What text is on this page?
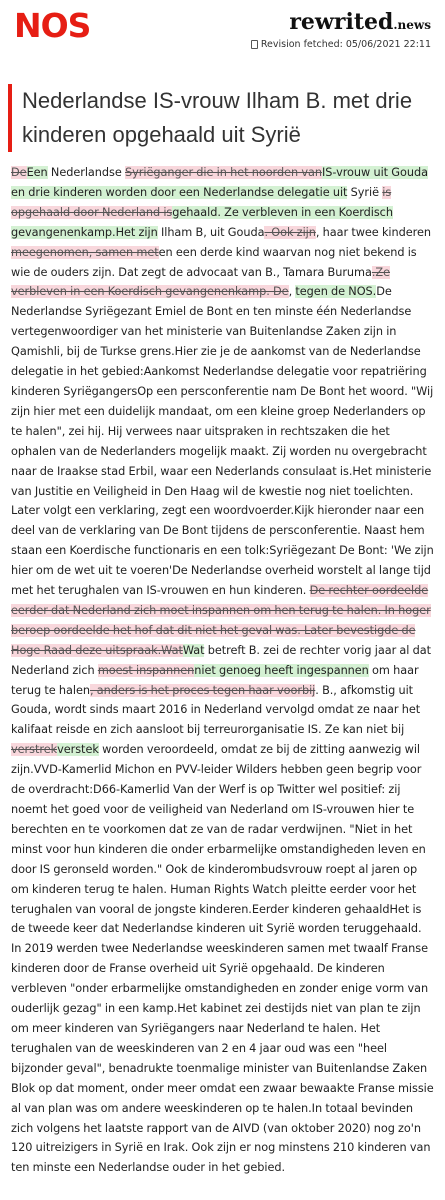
NOS	rewrited.news
Revision fetched: 05/06/2021 22:11
Nederlandse IS-vrouw Ilham B. met drie kinderen opgehaald uit Syrië
DeEen Nederlandse Syriëganger die in het noorden vanIS-vrouw uit Gouda en drie kinderen worden door een Nederlandse delegatie uit Syrië is opgehaald door Nederland isgehaald. Ze verbleven in een Koerdisch gevangenenkamp.Het zijn Ilham B, uit Gouda. Ook zijn, haar twee kinderen meegenomen, samen meten een derde kind waarvan nog niet bekend is wie de ouders zijn. Dat zegt de advocaat van B., Tamara Buruma.Ze verbleven in een Koerdisch gevangenenkamp. De, tegen de NOS.De Nederlandse Syriëgezant Emiel de Bont en ten minste één Nederlandse vertegenwoordiger van het ministerie van Buitenlandse Zaken zijn in Qamishli, bij de Turkse grens.Hier zie je de aankomst van de Nederlandse delegatie in het gebied:Aankomst Nederlandse delegatie voor repatriëring kinderen SyriëgangersOp een persconferentie nam De Bont het woord. "Wij zijn hier met een duidelijk mandaat, om een kleine groep Nederlanders op te halen", zei hij. Hij verwees naar uitspraken in rechtszaken die het ophalen van de Nederlanders mogelijk maakt. Zij worden nu overgebracht naar de Iraakse stad Erbil, waar een Nederlands consulaat is.Het ministerie van Justitie en Veiligheid in Den Haag wil de kwestie nog niet toelichten. Later volgt een verklaring, zegt een woordvoerder.Kijk hieronder naar een deel van de verklaring van De Bont tijdens de persconferentie. Naast hem staan een Koerdische functionaris en een tolk:Syriëgezant De Bont: 'We zijn hier om de wet uit te voeren'De Nederlandse overheid worstelt al lange tijd met het terughalen van IS-vrouwen en hun kinderen. De rechter oordeelde eerder dat Nederland zich moet inspannen om hen terug te halen. In hoger beroep oordeelde het hof dat dit niet het geval was. Later bevestigde de Hoge Raad deze uitspraak.WatWat betreft B. zei de rechter vorig jaar al dat Nederland zich moest inspannenniet genoeg heeft ingespannen om haar terug te halen, anders is het proces tegen haar voorbij. B., afkomstig uit Gouda, wordt sinds maart 2016 in Nederland vervolgd omdat ze naar het kalifaat reisde en zich aansloot bij terreurorganisatie IS. Ze kan niet bij verstrekverstek worden veroordeeld, omdat ze bij de zitting aanwezig wil zijn.VVD-Kamerlid Michon en PVV-leider Wilders hebben geen begrip voor de overdracht:D66-Kamerlid Van der Werf is op Twitter wel positief: zij noemt het goed voor de veiligheid van Nederland om IS-vrouwen hier te berechten en te voorkomen dat ze van de radar verdwijnen. "Niet in het minst voor hun kinderen die onder erbarmelijke omstandigheden leven en door IS geronseld worden." Ook de kinderombudsvrouw roept al jaren op om kinderen terug te halen. Human Rights Watch pleitte eerder voor het terughalen van vooral de jongste kinderen.Eerder kinderen gehaaldHet is de tweede keer dat Nederlandse kinderen uit Syrië worden teruggehaald. In 2019 werden twee Nederlandse weeskinderen samen met twaalf Franse kinderen door de Franse overheid uit Syrië opgehaald. De kinderen verbleven "onder erbarmelijke omstandigheden en zonder enige vorm van ouderlijk gezag" in een kamp.Het kabinet zei destijds niet van plan te zijn om meer kinderen van Syriëgangers naar Nederland te halen. Het terughalen van de weeskinderen van 2 en 4 jaar oud was een "heel bijzonder geval", benadrukte toenmalige minister van Buitenlandse Zaken Blok op dat moment, onder meer omdat een zwaar bewaakte Franse missie al van plan was om andere weeskinderen op te halen.In totaal bevinden zich volgens het laatste rapport van de AIVD (van oktober 2020) nog zo'n 120 uitreizigers in Syrië en Irak. Ook zijn er nog minstens 210 kinderen van ten minste een Nederlandse ouder in het gebied.
